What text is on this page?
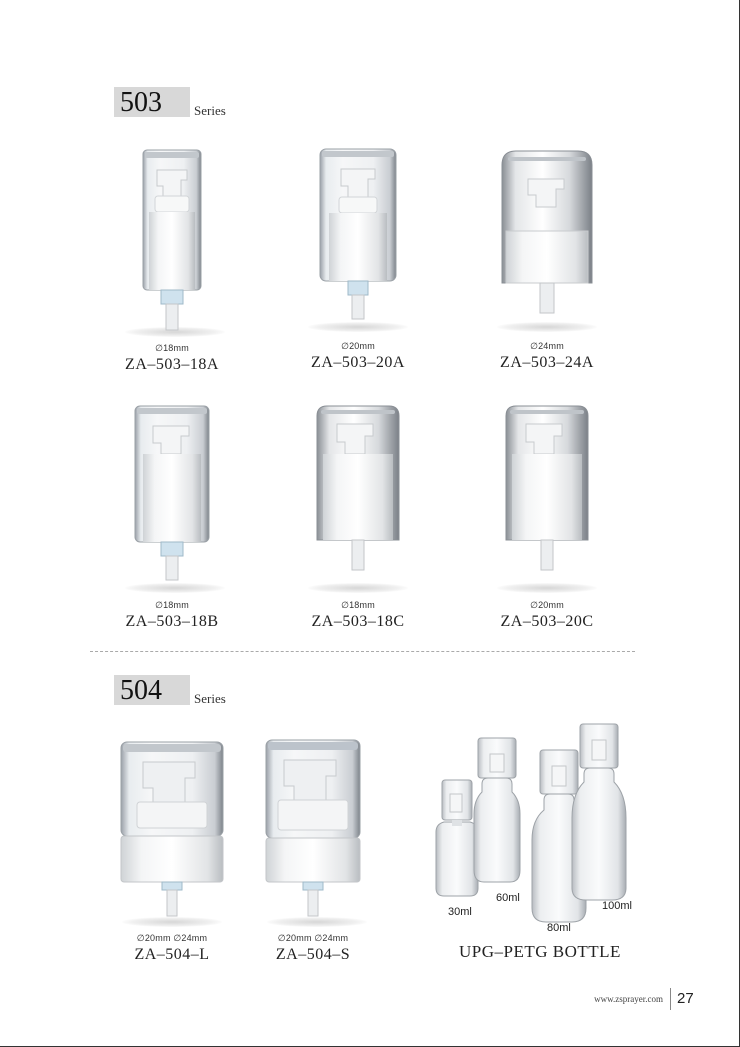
503	Series
∅18mm
ZA–503–18A
∅20mm
ZA–503–20A
∅24mm
ZA–503–24A
∅18mm
ZA–503–18B
∅18mm
ZA–503–18C
∅20mm
ZA–503–20C
504	Series
∅20mm ∅24mm
ZA–504–L
∅20mm ∅24mm
ZA–504–S
30ml
60ml
80ml
100ml
UPG–PETG BOTTLE
www.zsprayer.com 27
